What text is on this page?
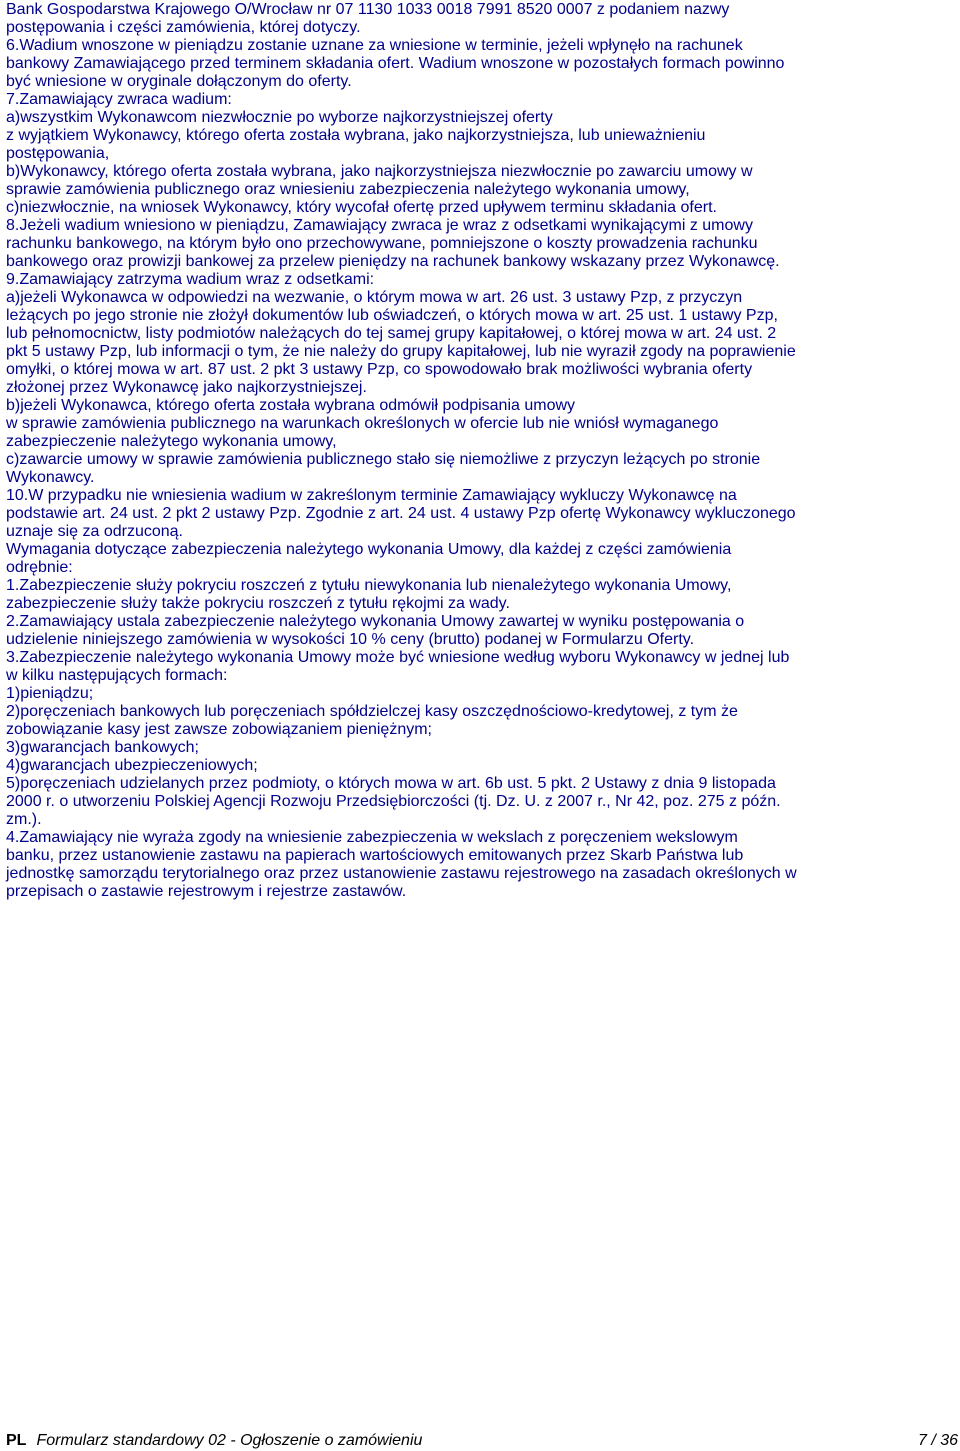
Bank Gospodarstwa Krajowego O/Wrocław nr 07 1130 1033 0018 7991 8520 0007 z podaniem nazwy
postępowania i części zamówienia, której dotyczy.
6.Wadium wnoszone w pieniądzu zostanie uznane za wniesione w terminie, jeżeli wpłynęło na rachunek
bankowy Zamawiającego przed terminem składania ofert. Wadium wnoszone w pozostałych formach powinno
być wniesione w oryginale dołączonym do oferty.
7.Zamawiający zwraca wadium:
a)wszystkim Wykonawcom niezwłocznie po wyborze najkorzystniejszej oferty
z wyjątkiem Wykonawcy, którego oferta została wybrana, jako najkorzystniejsza, lub unieważnieniu
postępowania,
b)Wykonawcy, którego oferta została wybrana, jako najkorzystniejsza niezwłocznie po zawarciu umowy w
sprawie zamówienia publicznego oraz wniesieniu zabezpieczenia należytego wykonania umowy,
c)niezwłocznie, na wniosek Wykonawcy, który wycofał ofertę przed upływem terminu składania ofert.
8.Jeżeli wadium wniesiono w pieniądzu, Zamawiający zwraca je wraz z odsetkami wynikającymi z umowy
rachunku bankowego, na którym było ono przechowywane, pomniejszone o koszty prowadzenia rachunku
bankowego oraz prowizji bankowej za przelew pieniędzy na rachunek bankowy wskazany przez Wykonawcę.
9.Zamawiający zatrzyma wadium wraz z odsetkami:
a)jeżeli Wykonawca w odpowiedzi na wezwanie, o którym mowa w art. 26 ust. 3 ustawy Pzp, z przyczyn
leżących po jego stronie nie złożył dokumentów lub oświadczeń, o których mowa w art. 25 ust. 1 ustawy Pzp,
lub pełnomocnictw, listy podmiotów należących do tej samej grupy kapitałowej, o której mowa w art. 24 ust. 2
pkt 5 ustawy Pzp, lub informacji o tym, że nie należy do grupy kapitałowej, lub nie wyraził zgody na poprawienie
omyłki, o której mowa w art. 87 ust. 2 pkt 3 ustawy Pzp, co spowodowało brak możliwości wybrania oferty
złożonej przez Wykonawcę jako najkorzystniejszej.
b)jeżeli Wykonawca, którego oferta została wybrana odmówił podpisania umowy
w sprawie zamówienia publicznego na warunkach określonych w ofercie lub nie wniósł wymaganego
zabezpieczenie należytego wykonania umowy,
c)zawarcie umowy w sprawie zamówienia publicznego stało się niemożliwe z przyczyn leżących po stronie
Wykonawcy.
10.W przypadku nie wniesienia wadium w zakreślonym terminie Zamawiający wykluczy Wykonawcę na
podstawie art. 24 ust. 2 pkt 2 ustawy Pzp. Zgodnie z art. 24 ust. 4 ustawy Pzp ofertę Wykonawcy wykluczonego
uznaje się za odrzuconą.
Wymagania dotyczące zabezpieczenia należytego wykonania Umowy, dla każdej z części zamówienia
odrębnie:
1.Zabezpieczenie służy pokryciu roszczeń z tytułu niewykonania lub nienależytego wykonania Umowy,
zabezpieczenie służy także pokryciu roszczeń z tytułu rękojmi za wady.
2.Zamawiający ustala zabezpieczenie należytego wykonania Umowy zawartej w wyniku postępowania o
udzielenie niniejszego zamówienia w wysokości 10 % ceny (brutto) podanej w Formularzu Oferty.
3.Zabezpieczenie należytego wykonania Umowy może być wniesione według wyboru Wykonawcy w jednej lub
w kilku następujących formach:
1)pieniądzu;
2)poręczeniach bankowych lub poręczeniach spółdzielczej kasy oszczędnościowo-kredytowej, z tym że
zobowiązanie kasy jest zawsze zobowiązaniem pieniężnym;
3)gwarancjach bankowych;
4)gwarancjach ubezpieczeniowych;
5)poręczeniach udzielanych przez podmioty, o których mowa w art. 6b ust. 5 pkt. 2 Ustawy z dnia 9 listopada
2000 r. o utworzeniu Polskiej Agencji Rozwoju Przedsiębiorczości (tj. Dz. U. z 2007 r., Nr 42, poz. 275 z późn.
zm.).
4.Zamawiający nie wyraża zgody na wniesienie zabezpieczenia w wekslach z poręczeniem wekslowym
banku, przez ustanowienie zastawu na papierach wartościowych emitowanych przez Skarb Państwa lub
jednostkę samorządu terytorialnego oraz przez ustanowienie zastawu rejestrowego na zasadach określonych w
przepisach o zastawie rejestrowym i rejestrze zastawów.
PL Formularz standardowy 02 - Ogłoszenie o zamówieniu	7 / 36
